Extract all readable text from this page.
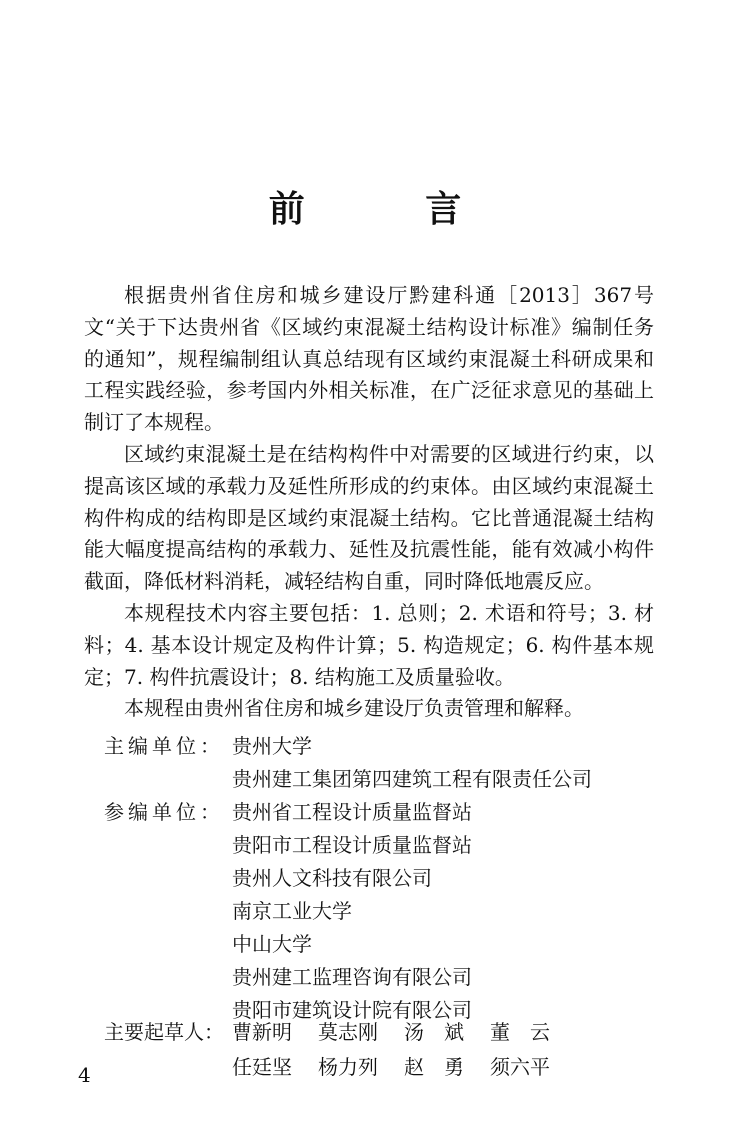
前 言

根据贵州省住房和城乡建设厅黔建科通［2013］367号文“关于下达贵州省《区域约束混凝土结构设计标准》编制任务的通知”，规程编制组认真总结现有区域约束混凝土科研成果和工程实践经验，参考国内外相关标准，在广泛征求意见的基础上制订了本规程。

区域约束混凝土是在结构构件中对需要的区域进行约束，以提高该区域的承载力及延性所形成的约束体。由区域约束混凝土构件构成的结构即是区域约束混凝土结构。它比普通混凝土结构能大幅度提高结构的承载力、延性及抗震性能，能有效减小构件截面，降低材料消耗，减轻结构自重，同时降低地震反应。

本规程技术内容主要包括：1. 总则；2. 术语和符号；3. 材料；4. 基本设计规定及构件计算；5. 构造规定；6. 构件基本规定；7. 构件抗震设计；8. 结构施工及质量验收。

本规程由贵州省住房和城乡建设厅负责管理和解释。

主编单位： 贵州大学
贵州建工集团第四建筑工程有限责任公司
参编单位： 贵州省工程设计质量监督站
贵阳市工程设计质量监督站
贵州人文科技有限公司
南京工业大学
中山大学
贵州建工监理咨询有限公司
贵阳市建筑设计院有限公司
主要起草人： 曹新明	莫志刚	汤　斌	董　云
任廷坚	杨力列	赵　勇	须六平
4
